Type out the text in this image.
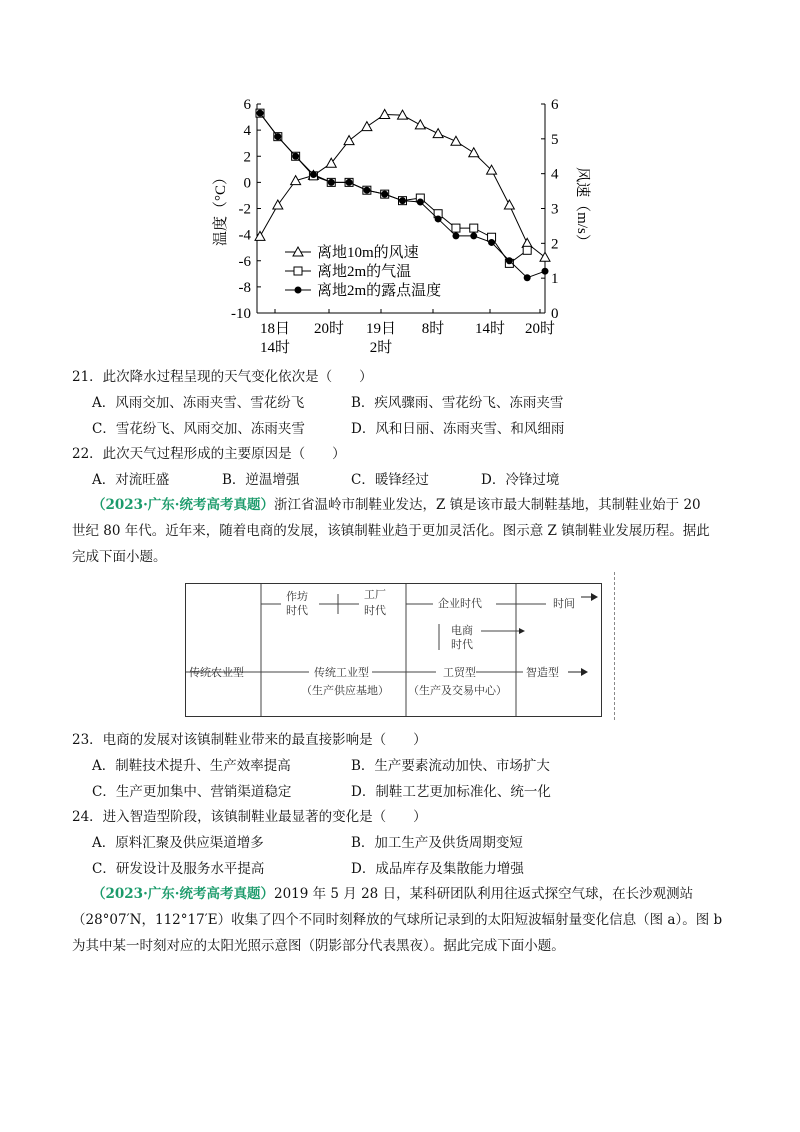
6
4
2
0
-2
-4
-6
-8
-10
6
5
4
3
2
1
0
18日
14时
20时 19日
2时
8时 14时 20时
温度（°C）	风速（m/s）
离地10m的风速
离地2m的气温
离地2m的露点温度
21．此次降水过程呈现的天气变化依次是（　　）
A．风雨交加、冻雨夹雪、雪花纷飞	B．疾风骤雨、雪花纷飞、冻雨夹雪
C．雪花纷飞、风雨交加、冻雨夹雪	D．风和日丽、冻雨夹雪、和风细雨
22．此次天气过程形成的主要原因是（　　）
A．对流旺盛	B．逆温增强	C．暖锋经过	D．冷锋过境
（2023·广东·统考高考真题）浙江省温岭市制鞋业发达，Z 镇是该市最大制鞋基地，其制鞋业始于 20
世纪 80 年代。近年来，随着电商的发展，该镇制鞋业趋于更加灵活化。图示意 Z 镇制鞋业发展历程。据此
完成下面小题。
作坊
时代
工厂
时代
企业时代	时间
电商
时代
传统农业型	传统工业型
（生产供应基地）
工贸型
（生产及交易中心）
智造型
23．电商的发展对该镇制鞋业带来的最直接影响是（　　）
A．制鞋技术提升、生产效率提高	B．生产要素流动加快、市场扩大
C．生产更加集中、营销渠道稳定	D．制鞋工艺更加标准化、统一化
24．进入智造型阶段，该镇制鞋业最显著的变化是（　　）
A．原料汇聚及供应渠道增多	B．加工生产及供货周期变短
C．研发设计及服务水平提高	D．成品库存及集散能力增强
（2023·广东·统考高考真题）2019 年 5 月 28 日，某科研团队利用往返式探空气球，在长沙观测站
（28°07′N，112°17′E）收集了四个不同时刻释放的气球所记录到的太阳短波辐射量变化信息（图 a）。图 b
为其中某一时刻对应的太阳光照示意图（阴影部分代表黑夜）。据此完成下面小题。
